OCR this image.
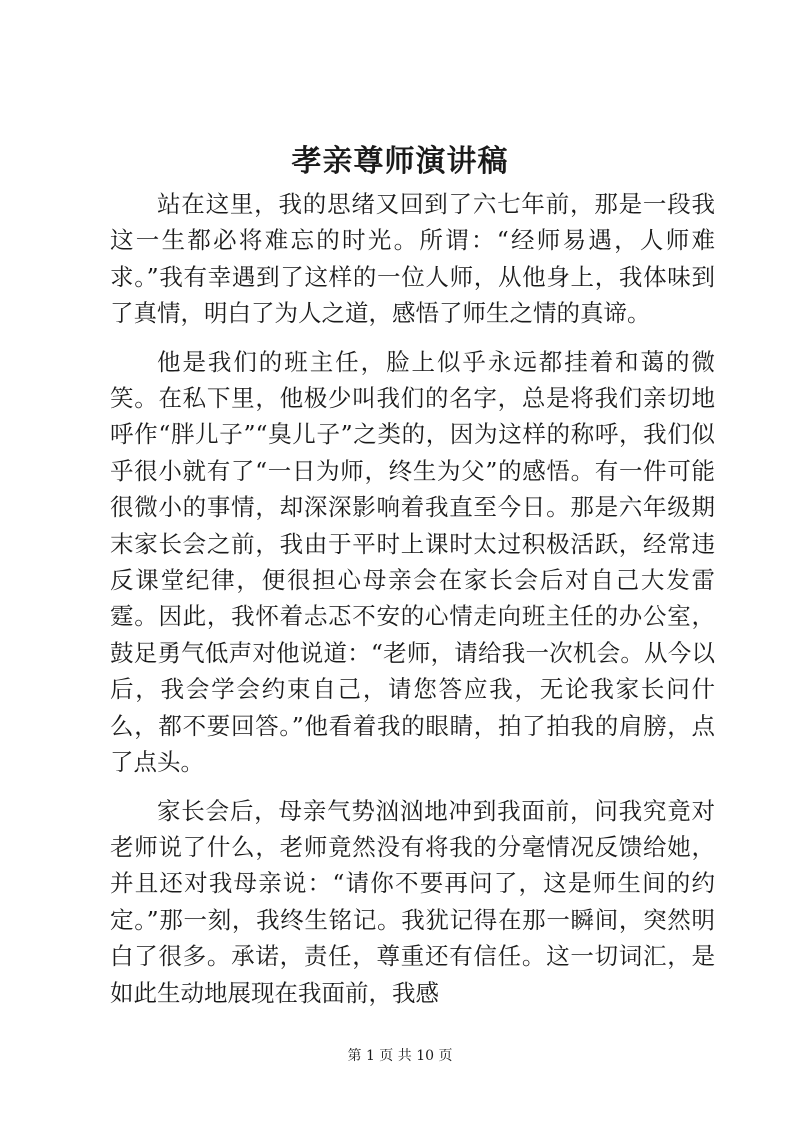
孝亲尊师演讲稿

站在这里，我的思绪又回到了六七年前，那是一段我这一生都必将难忘的时光。所谓：“经师易遇，人师难求。”我有幸遇到了这样的一位人师，从他身上，我体味到了真情，明白了为人之道，感悟了师生之情的真谛。

他是我们的班主任，脸上似乎永远都挂着和蔼的微笑。在私下里，他极少叫我们的名字，总是将我们亲切地呼作“胖儿子”“臭儿子”之类的，因为这样的称呼，我们似乎很小就有了“一日为师，终生为父”的感悟。有一件可能很微小的事情，却深深影响着我直至今日。那是六年级期末家长会之前，我由于平时上课时太过积极活跃，经常违反课堂纪律，便很担心母亲会在家长会后对自己大发雷霆。因此，我怀着忐忑不安的心情走向班主任的办公室，鼓足勇气低声对他说道：“老师，请给我一次机会。从今以后，我会学会约束自己，请您答应我，无论我家长问什么，都不要回答。”他看着我的眼睛，拍了拍我的肩膀，点了点头。

家长会后，母亲气势汹汹地冲到我面前，问我究竟对老师说了什么，老师竟然没有将我的分毫情况反馈给她，并且还对我母亲说：“请你不要再问了，这是师生间的约定。”那一刻，我终生铭记。我犹记得在那一瞬间，突然明白了很多。承诺，责任，尊重还有信任。这一切词汇，是如此生动地展现在我面前，我感

第 1 页 共 10 页
